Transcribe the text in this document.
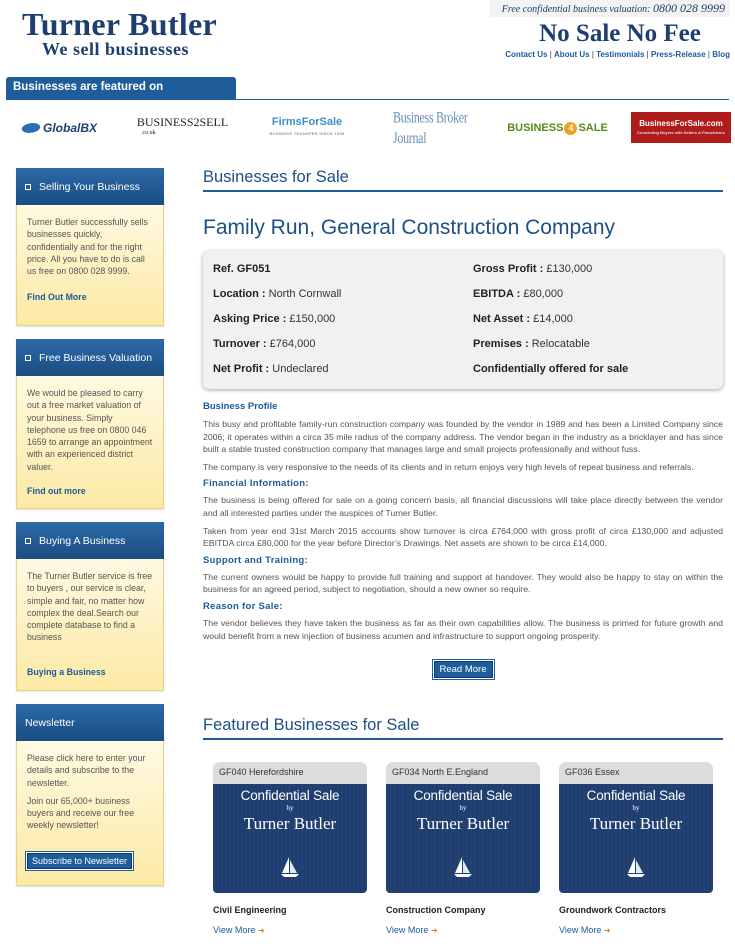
Turner Butler
We sell businesses
Free confidential business valuation: 0800 028 9999
No Sale No Fee
Contact Us | About Us | Testimonials | Press-Release | Blog
Businesses are featured on
GlobalBX	BUSINESS2SELL
.co.uk
FirmsForSale
BUSINESS TRANSFER SINCE 1998
Business Broker Journal	BUSINESS 4 SALE	BusinessForSale.com
Connecting Buyers with Sellers & Franchisors
Selling Your Business

Turner Butler successfully sells businesses quickly, confidentially and for the right price. All you have to do is call us free on 0800 028 9999.

Find Out More
Free Business Valuation

We would be pleased to carry out a free market valuation of your business. Simply telephone us free on 0800 046 1659 to arrange an appointment with an experienced district valuer.

Find out more
Buying A Business

The Turner Butler service is free to buyers , our service is clear, simple and fair, no matter how complex the deal.Search our complete database to find a business

Buying a Business
Newsletter

Please click here to enter your details and subscribe to the newsletter.

Join our 65,000+ business buyers and receive our free weekly newsletter!

Subscribe to Newsletter
Businesses for Sale
Family Run, General Construction Company
Ref. GF051	Gross Profit : £130,000
Location : North Cornwall	EBITDA : £80,000
Asking Price : £150,000	Net Asset : £14,000
Turnover : £764,000	Premises : Relocatable
Net Profit : Undeclared	Confidentially offered for sale
Business Profile

This busy and profitable family-run construction company was founded by the vendor in 1989 and has been a Limited Company since 2006; it operates within a circa 35 mile radius of the company address. The vendor began in the industry as a bricklayer and has since built a stable trusted construction company that manages large and small projects professionally and without fuss.

The company is very responsive to the needs of its clients and in return enjoys very high levels of repeat business and referrals.

Financial Information:

The business is being offered for sale on a going concern basis, all financial discussions will take place directly between the vendor and all interested parties under the auspices of Turner Butler.

Taken from year end 31st March 2015 accounts show turnover is circa £764,000 with gross profit of circa £130,000 and adjusted EBITDA circa £80,000 for the year before Director’s Drawings. Net assets are shown to be circa £14,000.

Support and Training:

The current owners would be happy to provide full training and support at handover. They would also be happy to stay on within the business for an agreed period, subject to negotiation, should a new owner so require.

Reason for Sale:

The vendor believes they have taken the business as far as their own capabilities allow. The business is primed for future growth and would benefit from a new injection of business acumen and infrastructure to support ongoing prosperity.

Read More
Featured Businesses for Sale
GF040 Herefordshire
Confidential Sale
by
Turner Butler
Civil Engineering
View More ➜
GF034 North E.England
Confidential Sale
by
Turner Butler
Construction Company
View More ➜
GF036 Essex
Confidential Sale
by
Turner Butler
Groundwork Contractors
View More ➜
